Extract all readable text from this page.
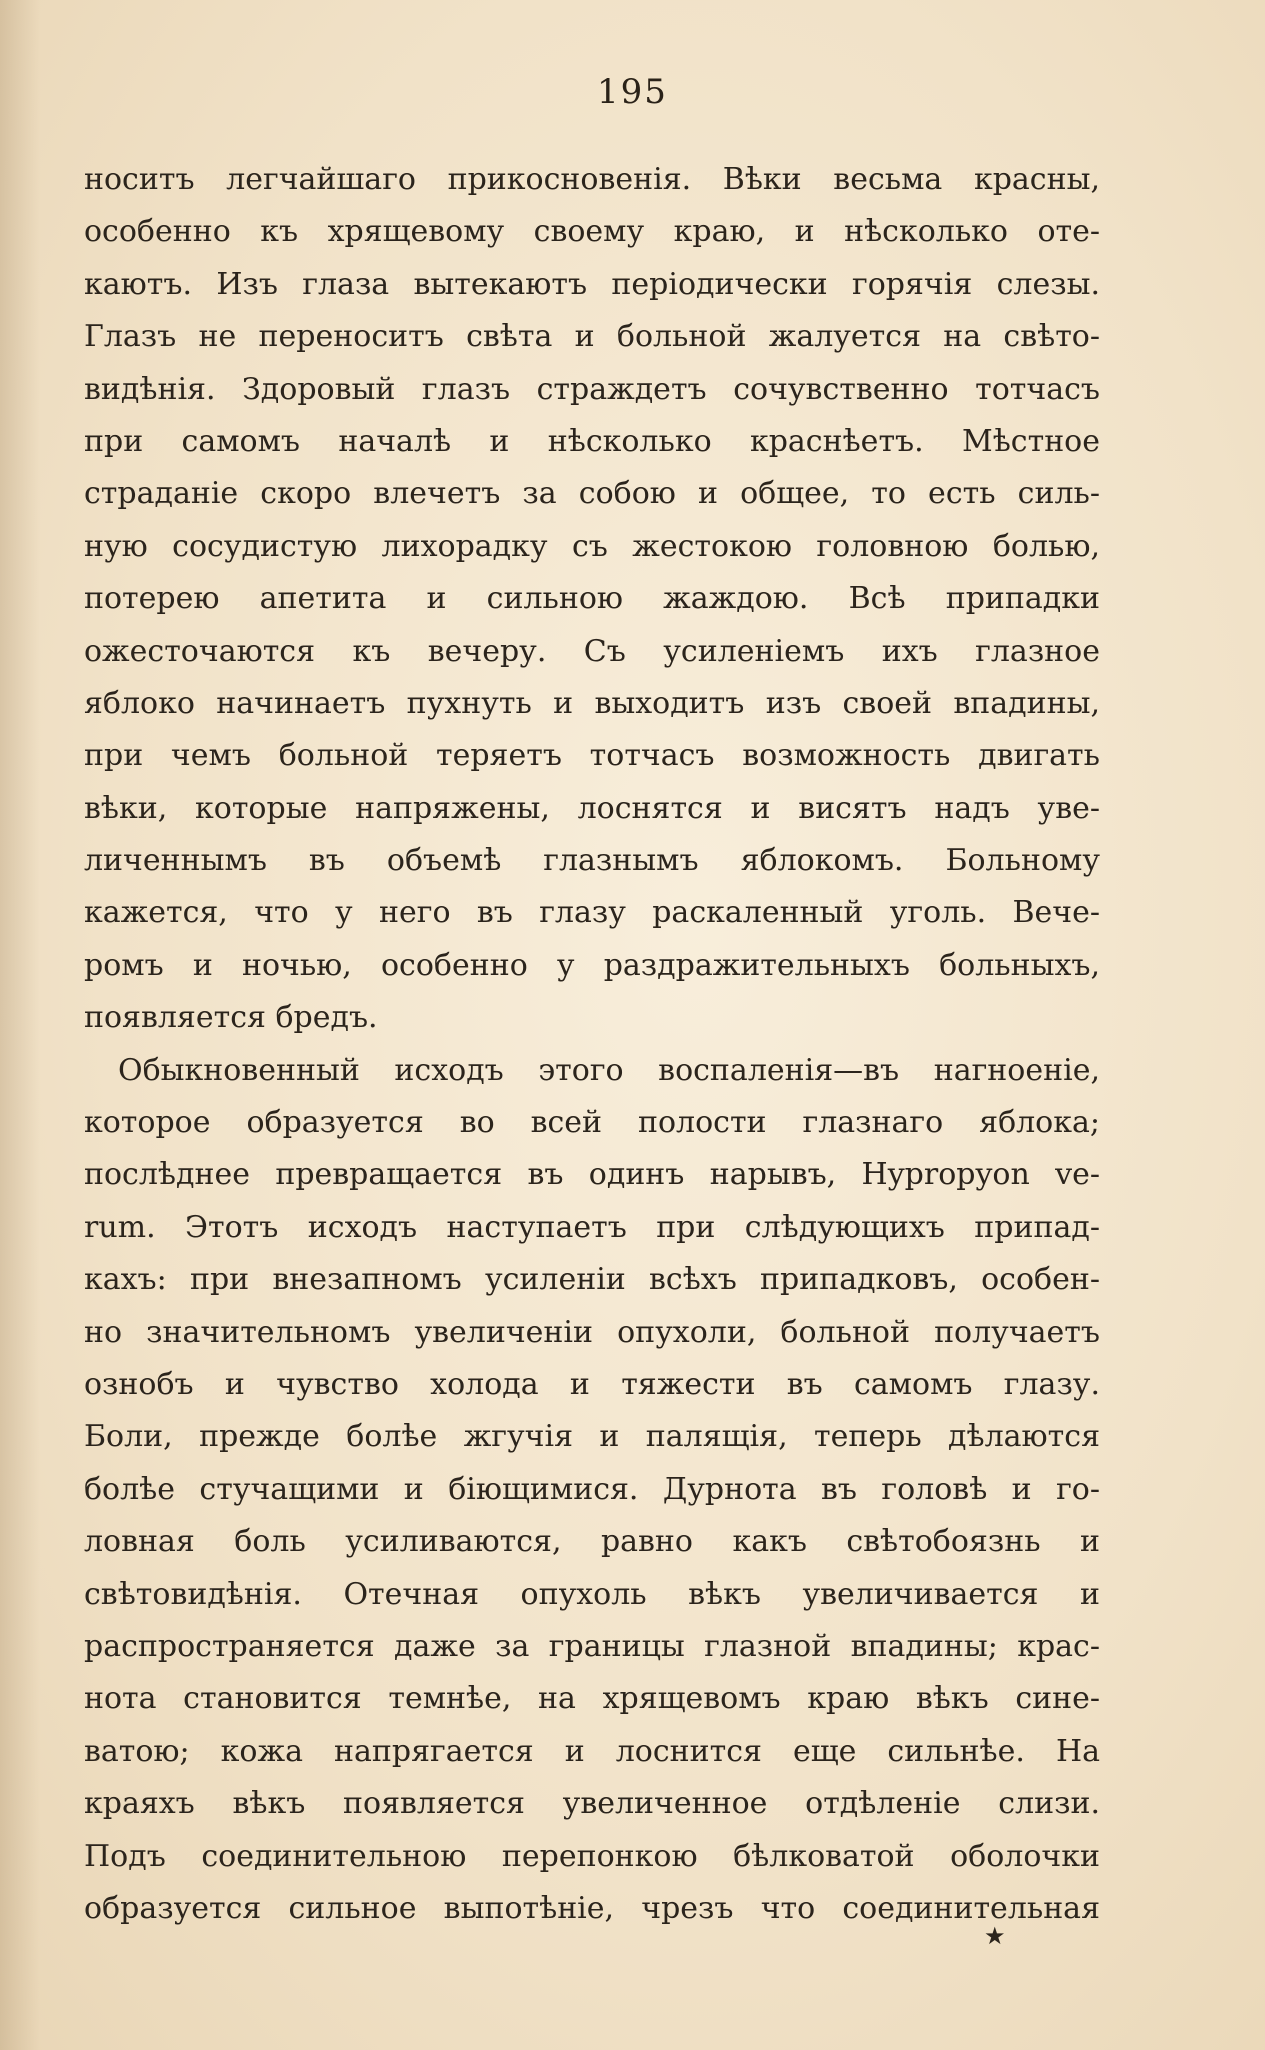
195
носитъ легчайшаго прикосновенія. Вѣки весьма красны,
особенно къ хрящевому своему краю, и нѣсколько оте-
каютъ. Изъ глаза вытекаютъ періодически горячія слезы.
Глазъ не переноситъ свѣта и больной жалуется на свѣто-
видѣнія. Здоровый глазъ страждетъ сочувственно тотчасъ
при самомъ началѣ и нѣсколько краснѣетъ. Мѣстное
страданіе скоро влечетъ за собою и общее, то есть силь-
ную сосудистую лихорадку съ жестокою головною болью,
потерею апетита и сильною жаждою. Всѣ припадки
ожесточаются къ вечеру. Съ усиленіемъ ихъ глазное
яблоко начинаетъ пухнуть и выходитъ изъ своей впадины,
при чемъ больной теряетъ тотчасъ возможность двигать
вѣки, которые напряжены, лоснятся и висятъ надъ уве-
личеннымъ въ объемѣ глазнымъ яблокомъ. Больному
кажется, что у него въ глазу раскаленный уголь. Вече-
ромъ и ночью, особенно у раздражительныхъ больныхъ,
появляется бредъ.
Обыкновенный исходъ этого воспаленія—въ нагноеніе,
которое образуется во всей полости глазнаго яблока;
послѣднее превращается въ одинъ нарывъ, Hypropyon ve-
rum. Этотъ исходъ наступаетъ при слѣдующихъ припад-
кахъ: при внезапномъ усиленіи всѣхъ припадковъ, особен-
но значительномъ увеличеніи опухоли, больной получаетъ
ознобъ и чувство холода и тяжести въ самомъ глазу.
Боли, прежде болѣе жгучія и палящія, теперь дѣлаются
болѣе стучащими и біющимися. Дурнота въ головѣ и го-
ловная боль усиливаются, равно какъ свѣтобоязнь и
свѣтовидѣнія. Отечная опухоль вѣкъ увеличивается и
распространяется даже за границы глазной впадины; крас-
нота становится темнѣе, на хрящевомъ краю вѣкъ сине-
ватою; кожа напрягается и лоснится еще сильнѣе. На
краяхъ вѣкъ появляется увеличенное отдѣленіе слизи.
Подъ соединительною перепонкою бѣлковатой оболочки
образуется сильное выпотѣніе, чрезъ что соединительная
★
